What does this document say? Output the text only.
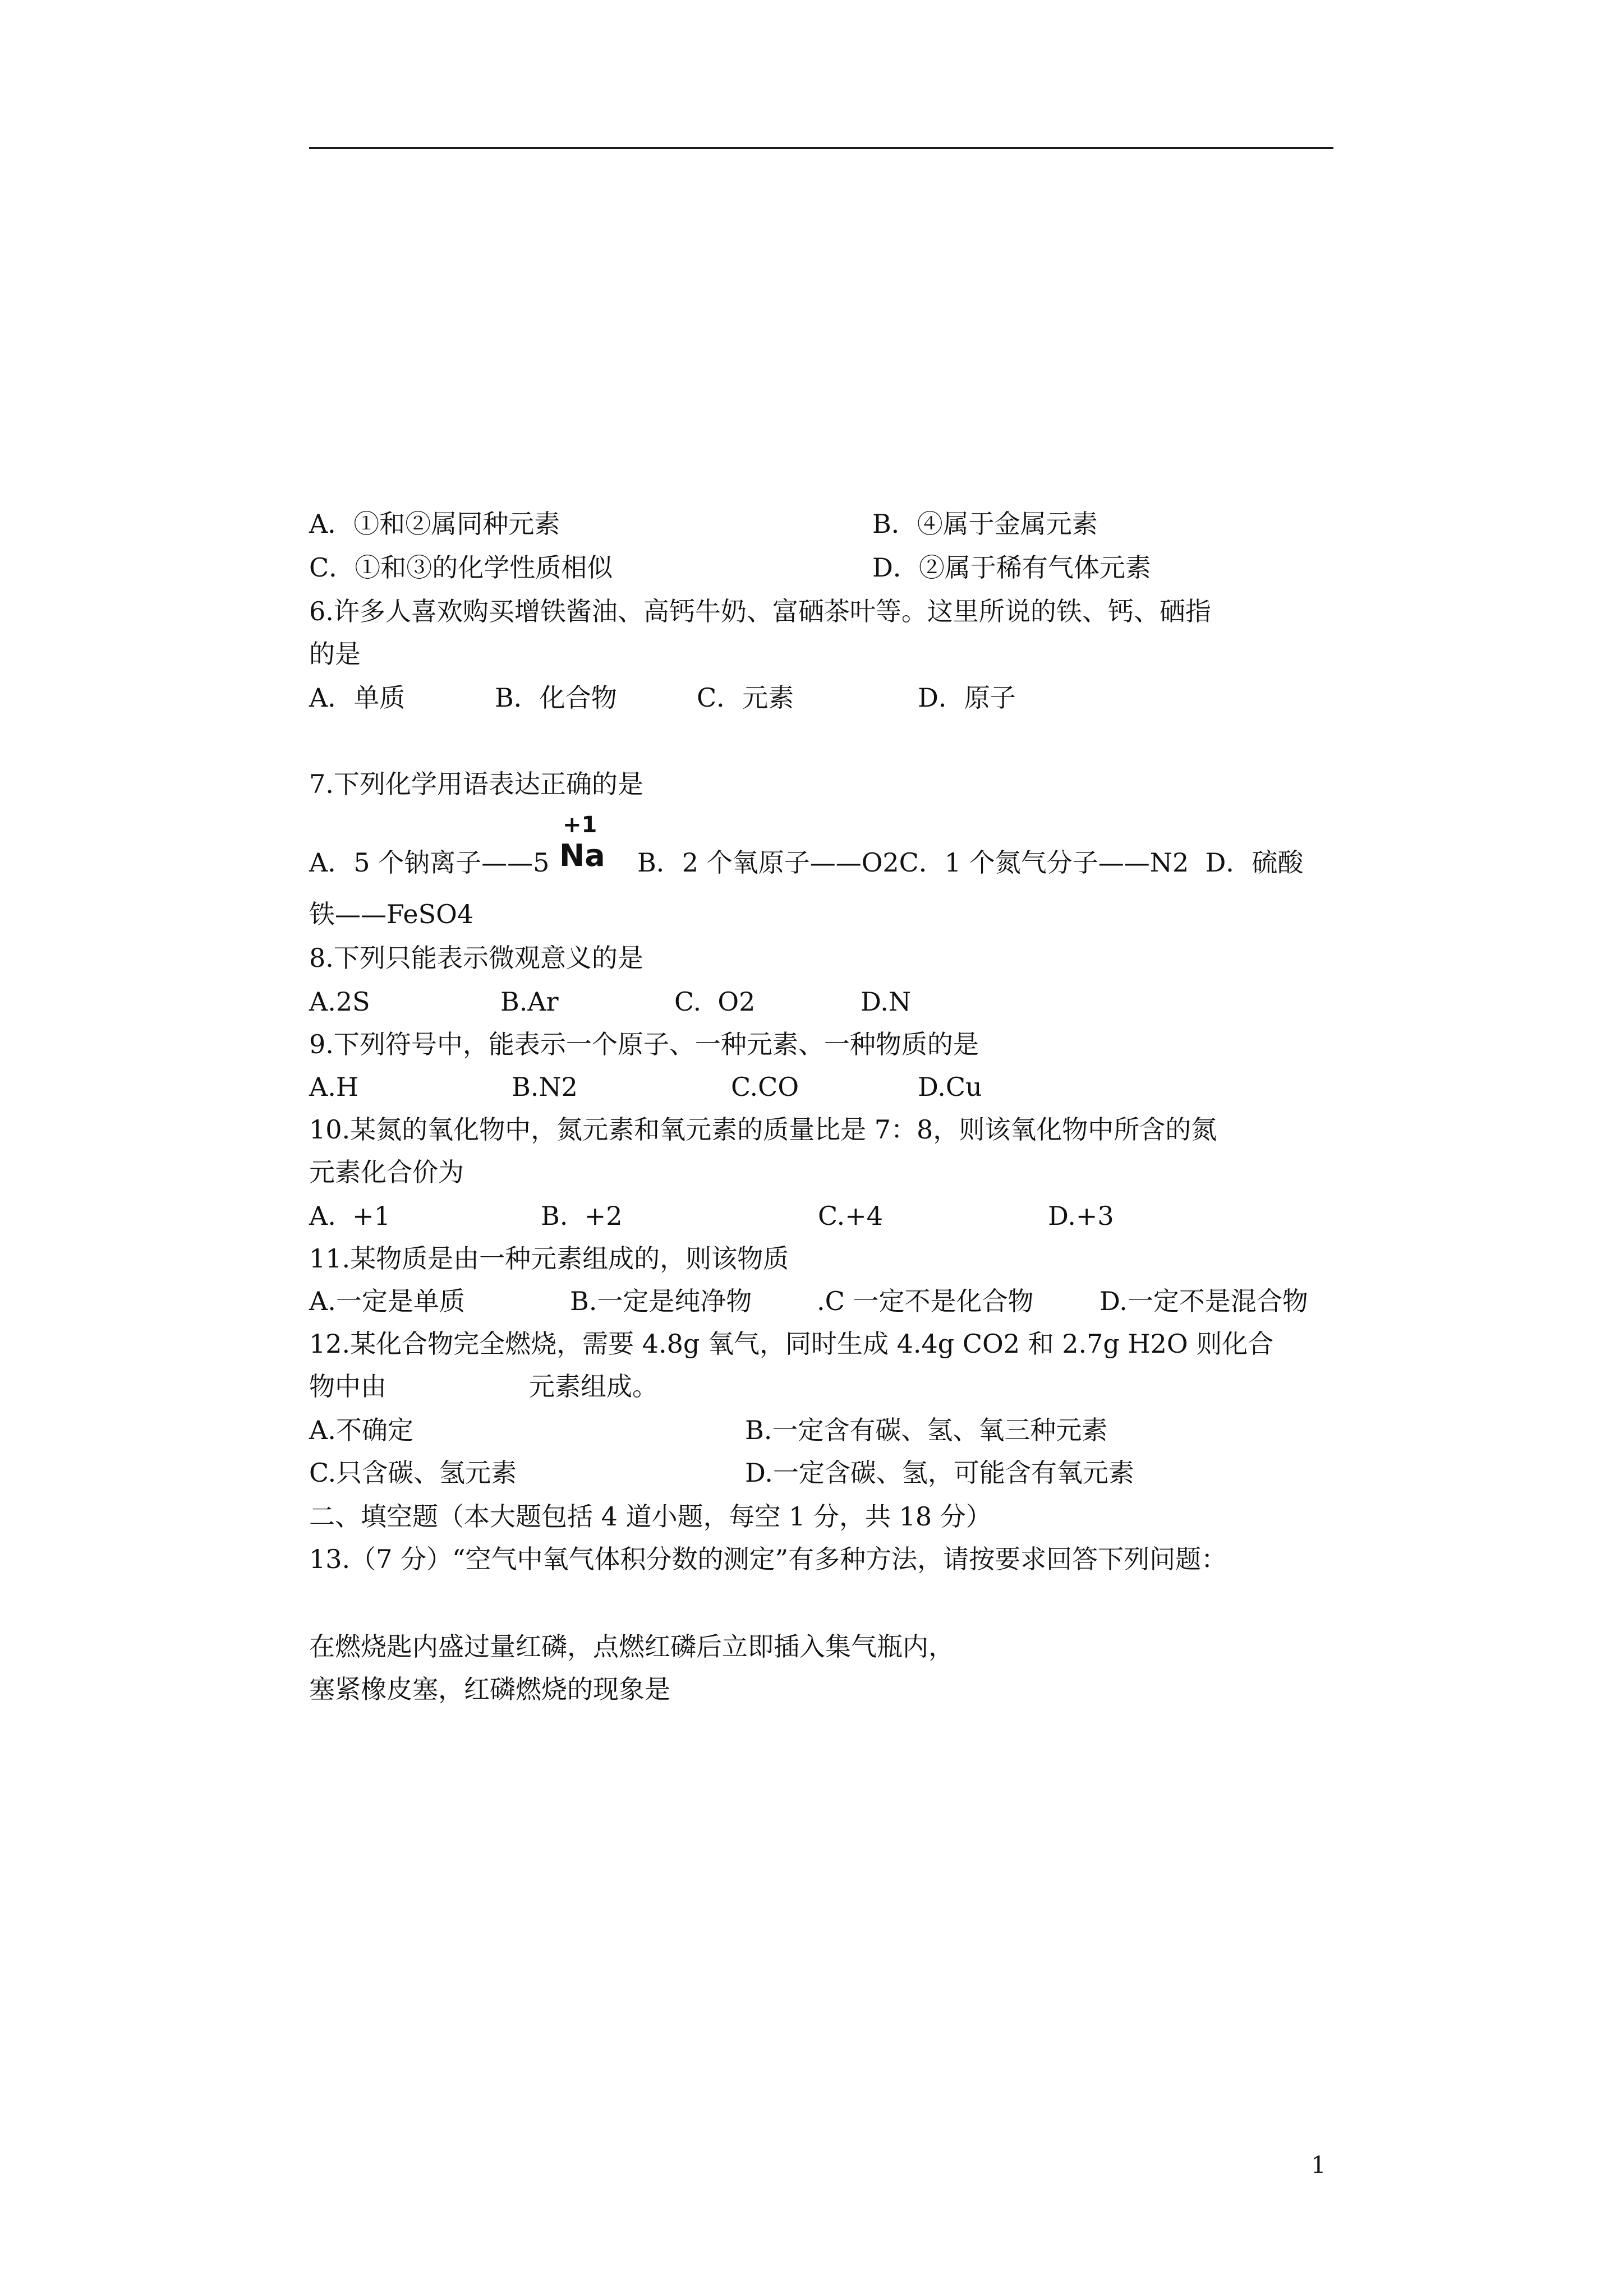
A．①和②属同种元素	B．④属于金属元素
C．①和③的化学性质相似	D．②属于稀有气体元素
6.许多人喜欢购买增铁酱油、高钙牛奶、富硒茶叶等。这里所说的铁、钙、硒指
的是
A．单质	B．化合物	C．元素	D．原子
7.下列化学用语表达正确的是
A．5 个钠离子——5
+1
Na B．2 个氧原子——O2C．1 个氮气分子——N2  D．硫酸
铁——FeSO4
8.下列只能表示微观意义的是
A.2S	B.Ar	C.  O2	D.N
9.下列符号中，能表示一个原子、一种元素、一种物质的是
A.H	B.N2	C.CO	D.Cu
10.某氮的氧化物中，氮元素和氧元素的质量比是 7：8，则该氧化物中所含的氮
元素化合价为
A.  +1	B.  +2	C.+4	D.+3
11.某物质是由一种元素组成的，则该物质
A.一定是单质	B.一定是纯净物	.C 一定不是化合物	D.一定不是混合物
12.某化合物完全燃烧，需要 4.8g 氧气，同时生成 4.4g CO2 和 2.7g H2O 则化合
物中由	元素组成。
A.不确定	B.一定含有碳、氢、氧三种元素
C.只含碳、氢元素	D.一定含碳、氢，可能含有氧元素
二、填空题（本大题包括 4 道小题，每空 1 分，共 18 分）
13.（7 分）“空气中氧气体积分数的测定”有多种方法，请按要求回答下列问题：
在燃烧匙内盛过量红磷，点燃红磷后立即插入集气瓶内，
塞紧橡皮塞，红磷燃烧的现象是
1
